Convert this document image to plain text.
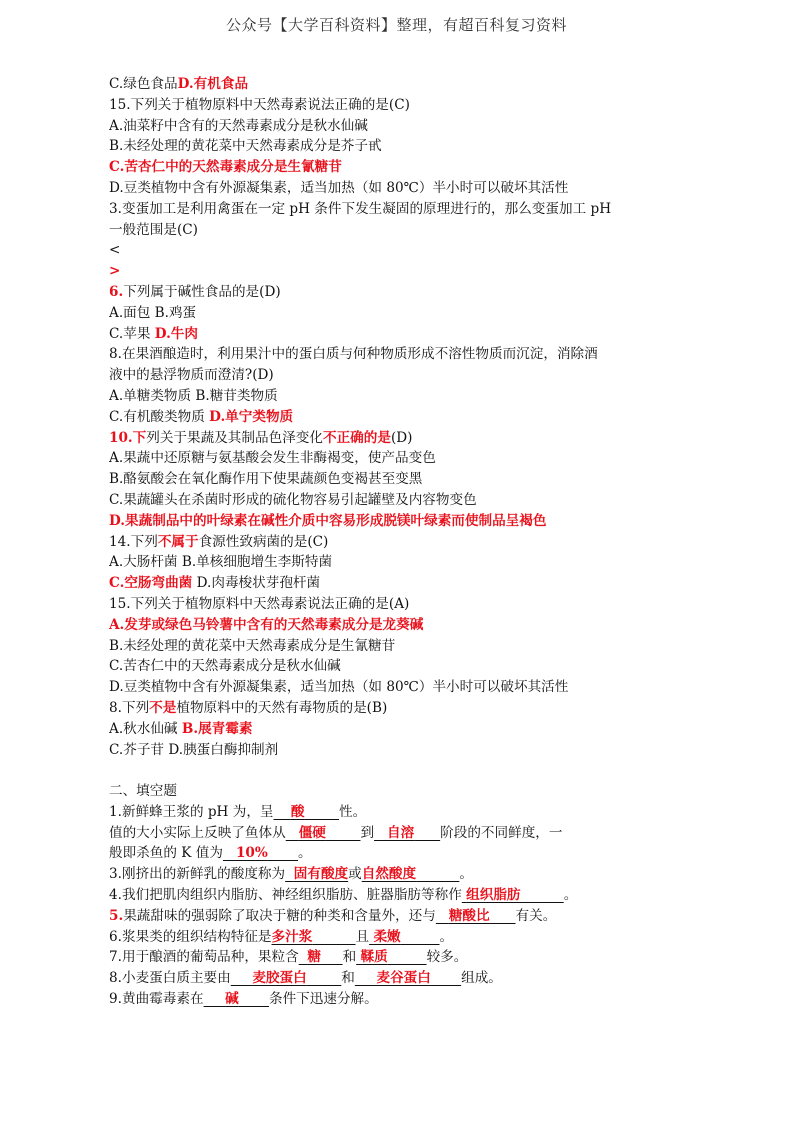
公众号【大学百科资料】整理，有超百科复习资料
C.绿色食品D.有机食品
15.下列关于植物原料中天然毒素说法正确的是(C)
A.油菜籽中含有的天然毒素成分是秋水仙碱
B.未经处理的黄花菜中天然毒素成分是芥子甙
C.苦杏仁中的天然毒素成分是生氰糖苷
D.豆类植物中含有外源凝集素，适当加热（如 80℃）半小时可以破坏其活性
3.变蛋加工是利用禽蛋在一定 pH 条件下发生凝固的原理进行的，那么变蛋加工 pH
一般范围是(C)
<
>
6.下列属于碱性食品的是(D)
A.面包 B.鸡蛋
C.苹果 D.牛肉
8.在果酒酿造时，利用果汁中的蛋白质与何种物质形成不溶性物质而沉淀，消除酒
液中的悬浮物质而澄清?(D)
A.单糖类物质 B.糖苷类物质
C.有机酸类物质 D.单宁类物质
10.下列关于果蔬及其制品色泽变化不正确的是(D)
A.果蔬中还原糖与氨基酸会发生非酶褐变，使产品变色
B.酪氨酸会在氧化酶作用下使果蔬颜色变褐甚至变黑
C.果蔬罐头在杀菌时形成的硫化物容易引起罐壁及内容物变色
D.果蔬制品中的叶绿素在碱性介质中容易形成脱镁叶绿素而使制品呈褐色
14.下列不属于食源性致病菌的是(C)
A.大肠杆菌 B.单核细胞增生李斯特菌
C.空肠弯曲菌 D.肉毒梭状芽孢杆菌
15.下列关于植物原料中天然毒素说法正确的是(A)
A.发芽或绿色马铃薯中含有的天然毒素成分是龙葵碱
B.未经处理的黄花菜中天然毒素成分是生氰糖苷
C.苦杏仁中的天然毒素成分是秋水仙碱
D.豆类植物中含有外源凝集素，适当加热（如 80℃）半小时可以破坏其活性
8.下列不是植物原料中的天然有毒物质的是(B)
A.秋水仙碱 B.展青霉素
C.芥子苷 D.胰蛋白酶抑制剂
二、填空题
1.新鲜蜂王浆的 pH 为，呈 酸	性。
值的大小实际上反映了鱼体从 僵硬	到 自溶 阶段的不同鲜度，一
般即杀鱼的 K 值为 10% 。
3.刚挤出的新鲜乳的酸度称为 固有酸度或自然酸度	。
4.我们把肌肉组织内脂肪、神经组织脂肪、脏器脂肪等称作 组织脂肪	。
5.果蔬甜味的强弱除了取决于糖的种类和含量外，还与 糖酸比 有关。
6.浆果类的组织结构特征是多汁浆	且 柔嫩	。
7.用于酿酒的葡萄品种，果粒含 糖 和 鞣质	较多。
8.小麦蛋白质主要由 麦胶蛋白	和 麦谷蛋白 组成。
9.黄曲霉毒素在 碱 条件下迅速分解。
